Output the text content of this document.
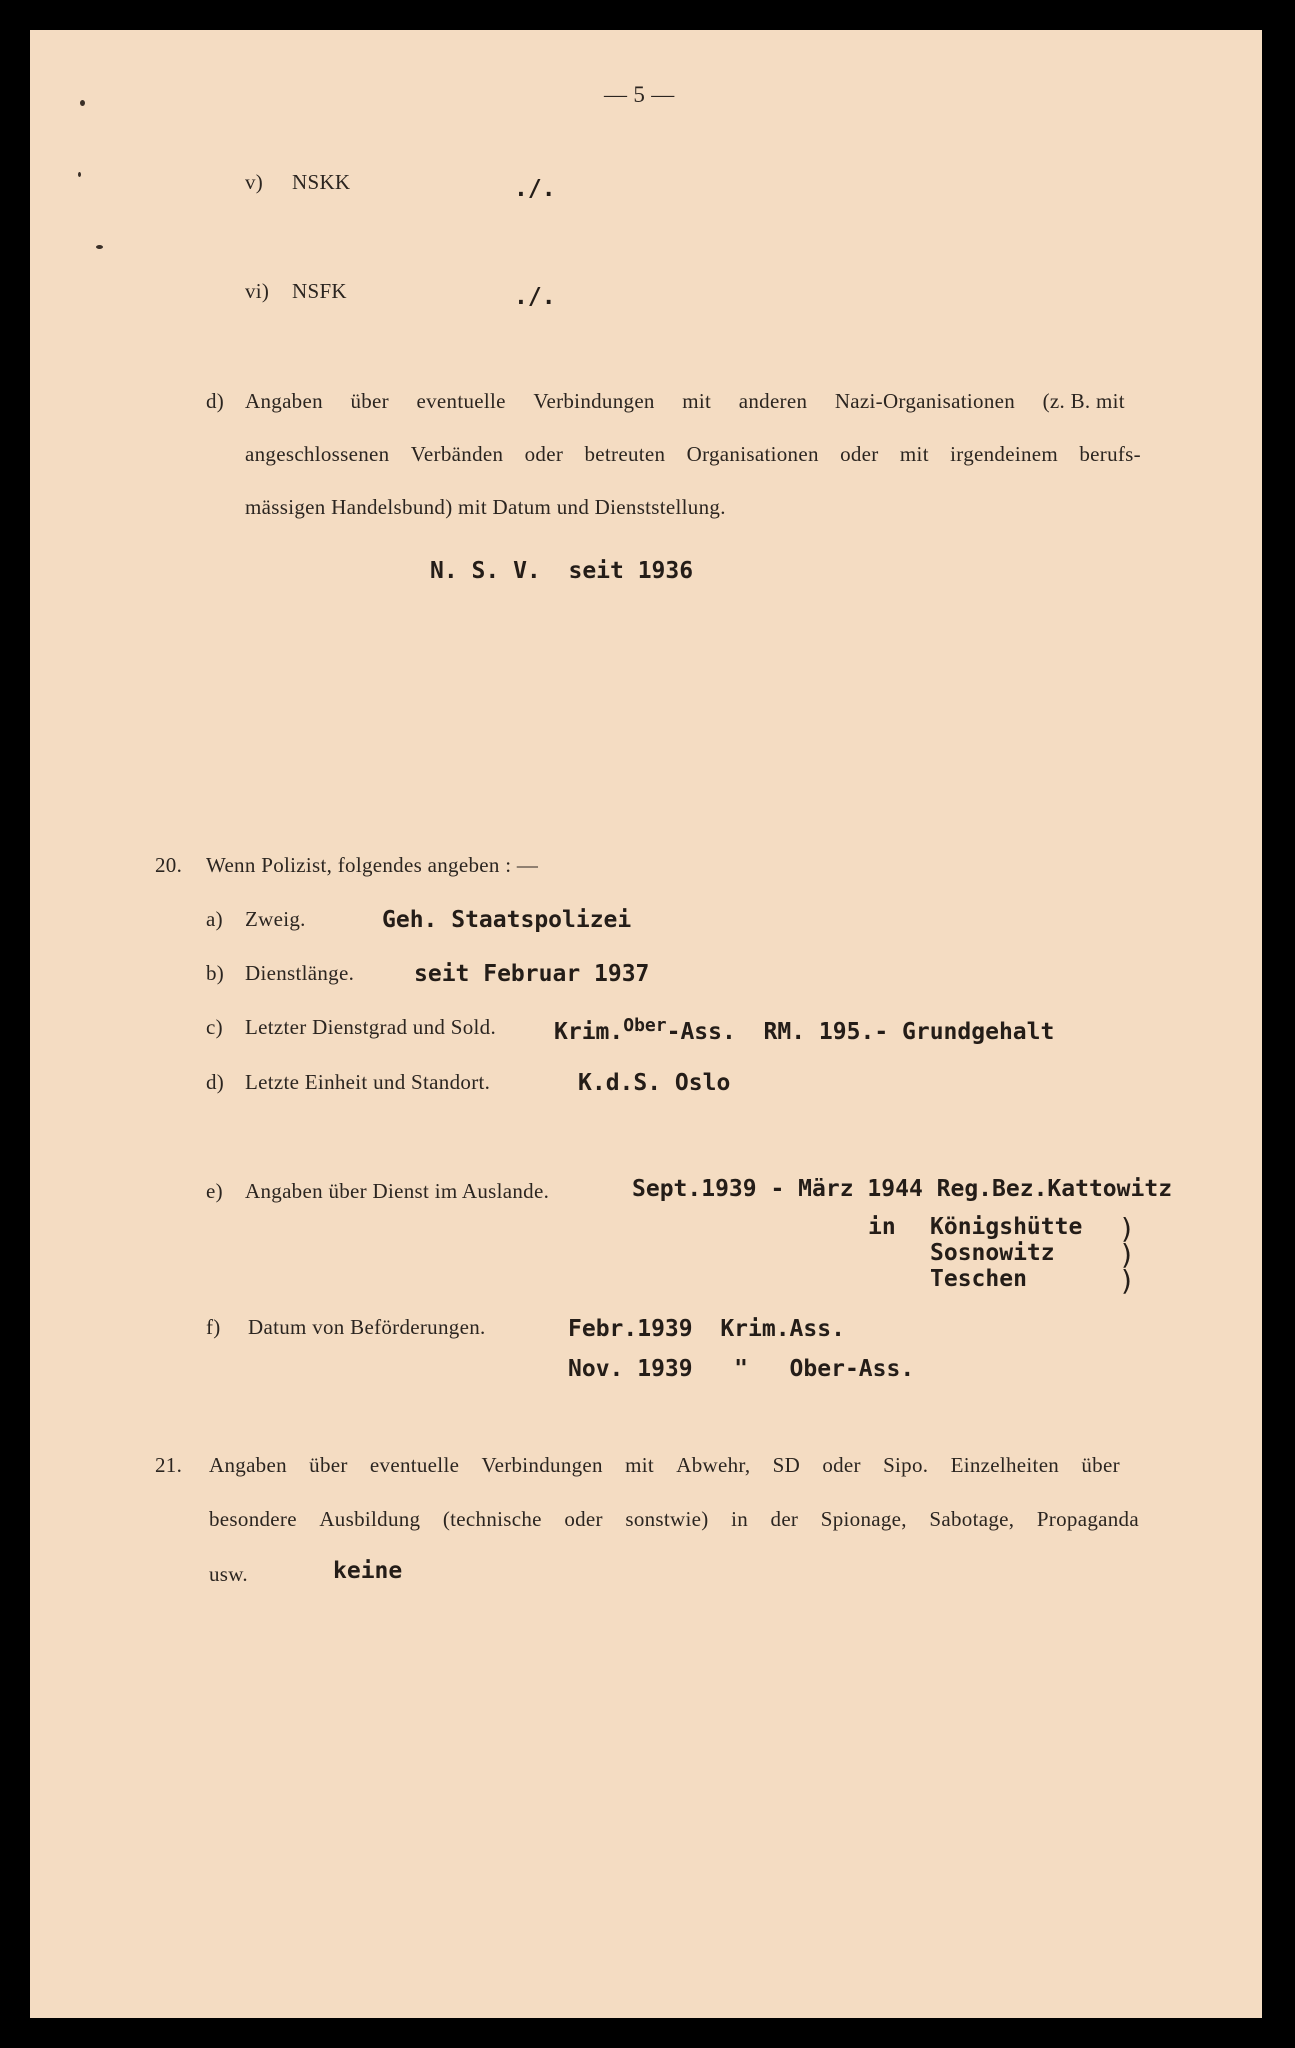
— 5 —
v) NSKK	./.
vi) NSFK	./.
d) Angaben über eventuelle Verbindungen mit anderen Nazi-Organisationen (z. B. mit
angeschlossenen Verbänden oder betreuten Organisationen oder mit irgendeinem berufs-
mässigen Handelsbund) mit Datum und Dienststellung.
N. S. V.  seit 1936
20. Wenn Polizist, folgendes angeben : —
a) Zweig.	Geh. Staatspolizei
b) Dienstlänge.	seit Februar 1937
c) Letzter Dienstgrad und Sold.	Krim.$^{Ober}$-Ass.  RM. 195.- Grundgehalt
d) Letzte Einheit und Standort.	K.d.S. Oslo
e) Angaben über Dienst im Auslande.	Sept.1939 - März 1944 Reg.Bez.Kattowitz
in Königshütte
Sosnowitz
Teschen
)
)
)
f) Datum von Beförderungen.	Febr.1939  Krim.Ass.
Nov. 1939   "   Ober-Ass.
21. Angaben über eventuelle Verbindungen mit Abwehr, SD oder Sipo. Einzelheiten über
besondere Ausbildung (technische oder sonstwie) in der Spionage, Sabotage, Propaganda
usw.	keine
